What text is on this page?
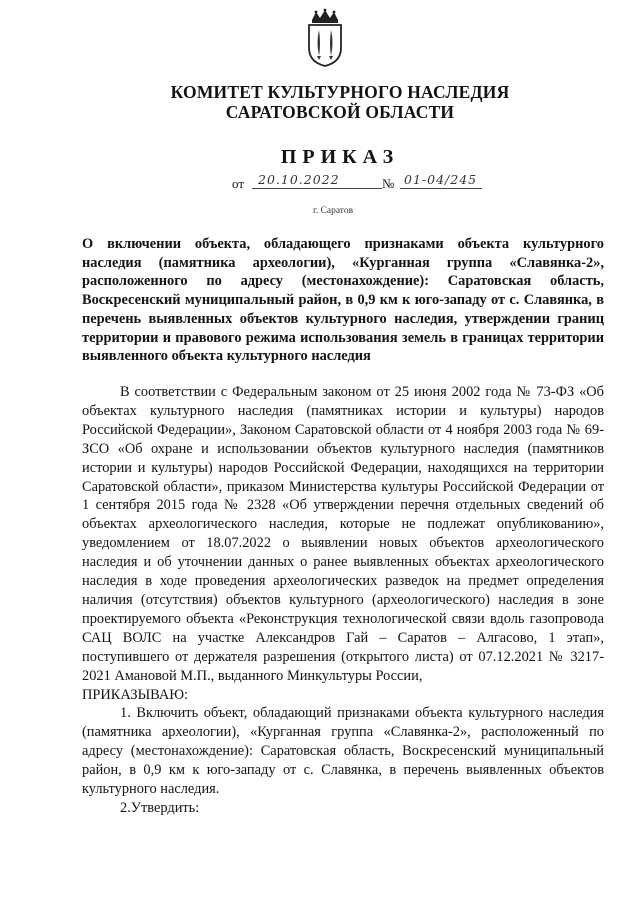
КОМИТЕТ КУЛЬТУРНОГО НАСЛЕДИЯ
САРАТОВСКОЙ ОБЛАСТИ
ПРИКАЗ
от 20.10.2022	№ 01-04/245
г. Саратов

О включении объекта, обладающего признаками объекта культурного наследия (памятника археологии), «Курганная группа «Славянка-2», расположенного по адресу (местонахождение): Саратовская область, Воскресенский муниципальный район, в 0,9 км к юго-западу от с. Славянка, в перечень выявленных объектов культурного наследия, утверждении границ территории и правового режима использования земель в границах территории выявленного объекта культурного наследия

В соответствии с Федеральным законом от 25 июня 2002 года № 73-ФЗ «Об объектах культурного наследия (памятниках истории и культуры) народов Российской Федерации», Законом Саратовской области от 4 ноября 2003 года № 69-ЗСО «Об охране и использовании объектов культурного наследия (памятников истории и культуры) народов Российской Федерации, находящихся на территории Саратовской области», приказом Министерства культуры Российской Федерации от 1 сентября 2015 года № 2328 «Об утверждении перечня отдельных сведений об объектах археологического наследия, которые не подлежат опубликованию», уведомлением от 18.07.2022 о выявлении новых объектов археологического наследия и об уточнении данных о ранее выявленных объектах археологического наследия в ходе проведения археологических разведок на предмет определения наличия (отсутствия) объектов культурного (археологического) наследия в зоне проектируемого объекта «Реконструкция технологической связи вдоль газопровода САЦ ВОЛС на участке Александров Гай – Саратов – Алгасово, 1 этап», поступившего от держателя разрешения (открытого листа) от 07.12.2021 № 3217-2021 Амановой М.П., выданного Минкультуры России,

ПРИКАЗЫВАЮ:

1. Включить объект, обладающий признаками объекта культурного наследия (памятника археологии), «Курганная группа «Славянка-2», расположенный по адресу (местонахождение): Саратовская область, Воскресенский муниципальный район, в 0,9 км к юго-западу от с. Славянка, в перечень выявленных объектов культурного наследия.

2.Утвердить:
